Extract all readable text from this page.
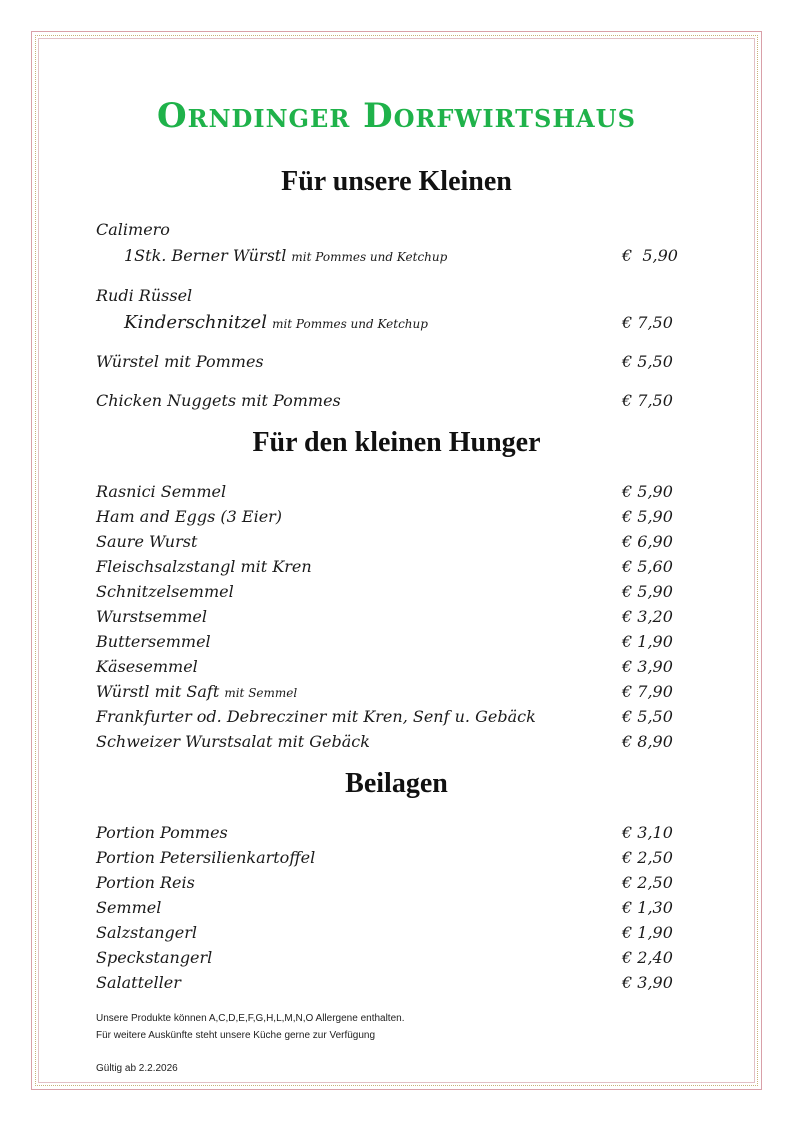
Orndinger Dorfwirtshaus
Für unsere Kleinen
Calimero
1Stk. Berner Würstl mit Pommes und Ketchup	€  5,90
Rudi Rüssel
Kinderschnitzel mit Pommes und Ketchup	€ 7,50
Würstel mit Pommes	€ 5,50
Chicken Nuggets mit Pommes	€ 7,50
Für den kleinen Hunger
Rasnici Semmel	€ 5,90
Ham and Eggs (3 Eier)	€ 5,90
Saure Wurst	€ 6,90
Fleischsalzstangl mit Kren	€ 5,60
Schnitzelsemmel	€ 5,90
Wurstsemmel	€ 3,20
Buttersemmel	€ 1,90
Käsesemmel	€ 3,90
Würstl mit Saft mit Semmel	€ 7,90
Frankfurter od. Debrecziner mit Kren, Senf u. Gebäck	€ 5,50
Schweizer Wurstsalat mit Gebäck	€ 8,90
Beilagen
Portion Pommes	€ 3,10
Portion Petersilienkartoffel	€ 2,50
Portion Reis	€ 2,50
Semmel	€ 1,30
Salzstangerl	€ 1,90
Speckstangerl	€ 2,40
Salatteller	€ 3,90
Unsere Produkte können A,C,D,E,F,G,H,L,M,N,O Allergene enthalten.
Für weitere Auskünfte steht unsere Küche gerne zur Verfügung
Gültig ab 2.2.2026
